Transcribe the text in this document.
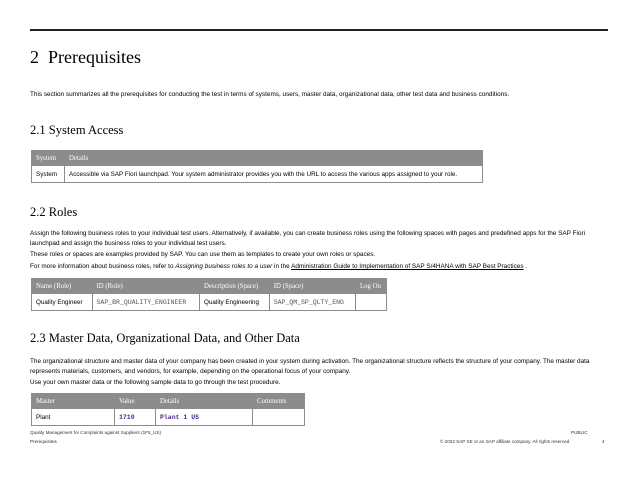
2 Prerequisites
This section summarizes all the prerequisites for conducting the test in terms of systems, users, master data, organizational data, other test data and business conditions.
2.1 System Access
System	Details
System	Accessible via SAP Fiori launchpad. Your system administrator provides you with the URL to access the various apps assigned to your role.
2.2 Roles
Assign the following business roles to your individual test users. Alternatively, if available, you can create business roles using the following spaces with pages and predefined apps for the SAP Fiori launchpad and assign the business roles to your individual test users.
These roles or spaces are examples provided by SAP. You can use them as templates to create your own roles or spaces.
For more information about business roles, refer to Assigning business roles to a user in the Administration Guide to Implementation of SAP S/4HANA with SAP Best Practices .
Name (Role)	ID (Role)	Description (Space)	ID (Space)	Log On
Quality Engineer	SAP_BR_QUALITY_ENGINEER	Quality Engineering	SAP_QM_SP_QLTY_ENG	
2.3 Master Data, Organizational Data, and Other Data
The organizational structure and master data of your company has been created in your system during activation. The organizational structure reflects the structure of your company. The master data represents materials, customers, and vendors, for example, depending on the operational focus of your company.
Use your own master data or the following sample data to go through the test procedure.
Master	Value	Details	Comments
Plant	1710	Plant 1 US	
Quality Management for Complaints against Suppliers (1F5_US)
Prerequisites
PUBLIC
© 2022 SAP SE or an SAP affiliate company. All rights reserved.	4
